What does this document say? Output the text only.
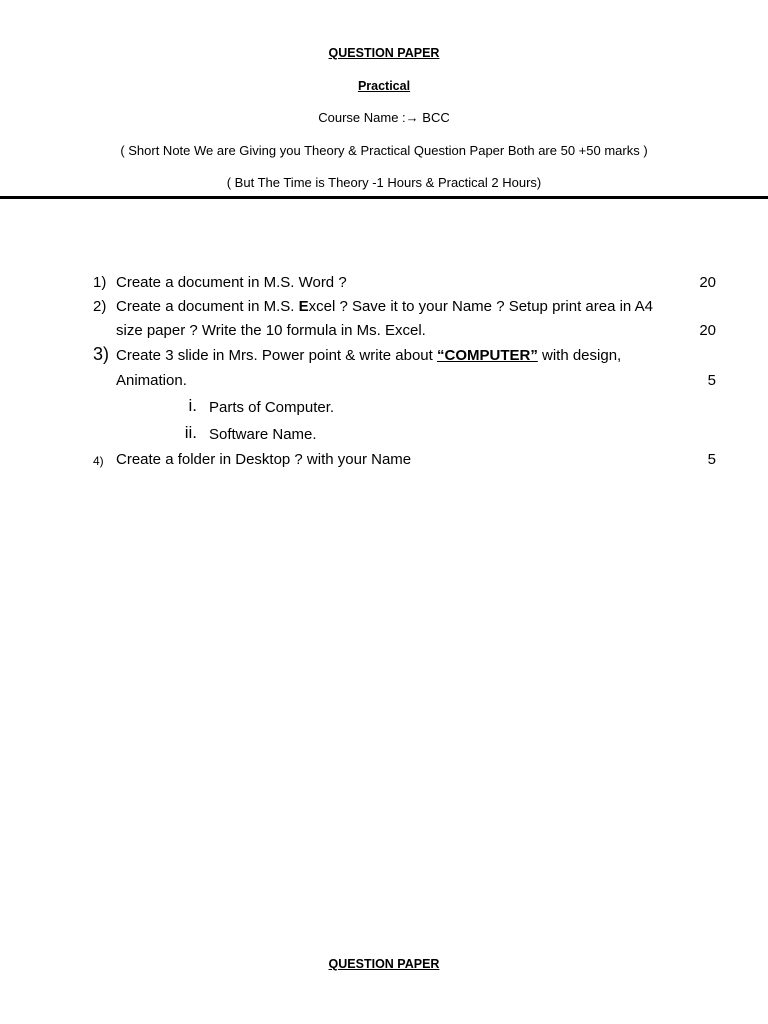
QUESTION PAPER
Practical
Course Name :→ BCC
( Short Note We are Giving you Theory & Practical Question Paper Both are 50 +50 marks )
( But The Time is Theory -1 Hours & Practical 2 Hours)
1) Create a document in M.S. Word ?	20
2) Create a document in M.S. Excel ? Save it to your Name ? Setup print area in A4
size paper ? Write the 10 formula in Ms. Excel.	20
3) Create 3 slide in Mrs. Power point & write about “COMPUTER” with design,
Animation.	5
i. Parts of Computer.
ii. Software Name.
4) Create a folder in Desktop ? with your Name	5
QUESTION PAPER
